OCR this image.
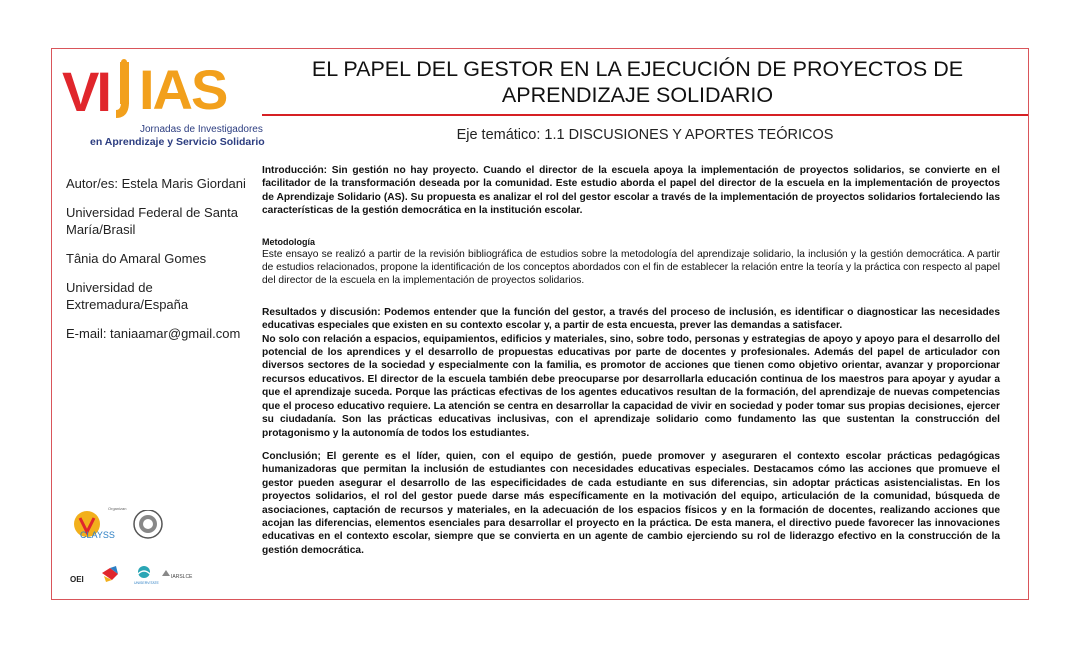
VI IAS
Jornadas de Investigadores
en Aprendizaje y Servicio Solidario
EL PAPEL DEL GESTOR EN LA EJECUCIÓN DE PROYECTOS DE APRENDIZAJE SOLIDARIO
Eje temático: 1.1 DISCUSIONES Y APORTES TEÓRICOS

Autor/es: Estela Maris Giordani

Universidad Federal de Santa María/Brasil

Tânia do Amaral Gomes

Universidad de Extremadura/España

E-mail: taniaamar@gmail.com

Introducción: Sin gestión no hay proyecto. Cuando el director de la escuela apoya la implementación de proyectos solidarios, se convierte en el facilitador de la transformación deseada por la comunidad. Este estudio aborda el papel del director de la escuela en la implementación de proyectos de Aprendizaje Solidario (AS). Su propuesta es analizar el rol del gestor escolar a través de la implementación de proyectos solidarios fortaleciendo las características de la gestión democrática en la institución escolar.

Metodología

Este ensayo se realizó a partir de la revisión bibliográfica de estudios sobre la metodología del aprendizaje solidario, la inclusión y la gestión democrática. A partir de estudios relacionados, propone la identificación de los conceptos abordados con el fin de establecer la relación entre la teoría y la práctica con respecto al papel del director de la escuela en la implementación de proyectos solidarios.

Resultados y discusión: Podemos entender que la función del gestor, a través del proceso de inclusión, es identificar o diagnosticar las necesidades educativas especiales que existen en su contexto escolar y, a partir de esta encuesta, prever las demandas a satisfacer.

No solo con relación a espacios, equipamientos, edificios y materiales, sino, sobre todo, personas y estrategias de apoyo y apoyo para el desarrollo del potencial de los aprendices y el desarrollo de propuestas educativas por parte de docentes y profesionales. Además del papel de articulador con diversos sectores de la sociedad y especialmente con la familia, es promotor de acciones que tienen como objetivo orientar, avanzar y proporcionar recursos educativos. El director de la escuela también debe preocuparse por desarrollarla educación continua de los maestros para apoyar y ayudar a que el aprendizaje suceda. Porque las prácticas efectivas de los agentes educativos resultan de la formación, del aprendizaje de nuevas competencias que el proceso educativo requiere. La atención se centra en desarrollar la capacidad de vivir en sociedad y poder tomar sus propias decisiones, ejercer su ciudadanía. Son las prácticas educativas inclusivas, con el aprendizaje solidario como fundamento las que sustentan la construcción del protagonismo y la autonomía de todos los estudiantes.

Conclusión; El gerente es el líder, quien, con el equipo de gestión, puede promover y aseguraren el contexto escolar prácticas pedagógicas humanizadoras que permitan la inclusión de estudiantes con necesidades educativas especiales. Destacamos cómo las acciones que promueve el gestor pueden asegurar el desarrollo de las especificidades de cada estudiante en sus diferencias, sin adoptar prácticas asistencialistas. En los proyectos solidarios, el rol del gestor puede darse más específicamente en la motivación del equipo, articulación de la comunidad, búsqueda de asociaciones, captación de recursos y materiales, en la adecuación de los espacios físicos y en la formación de docentes, realizando acciones que acojan las diferencias, elementos esenciales para desarrollar el proyecto en la práctica. De esta manera, el directivo puede favorecer las innovaciones educativas en el contexto escolar, siempre que se convierta en un agente de cambio ejerciendo su rol de liderazgo efectivo en la construcción de la gestión democrática.

Organizan
CLAYSS
OEI	UNISERVITATE
IARSLCE
